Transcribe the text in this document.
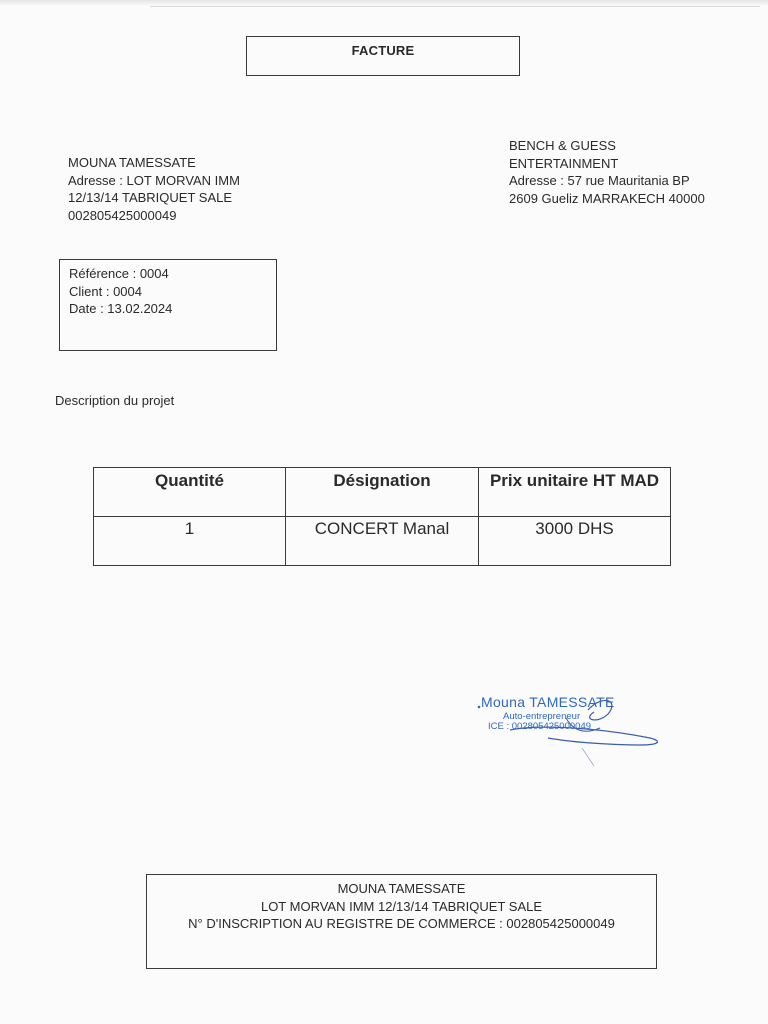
FACTURE
MOUNA TAMESSATE
Adresse : LOT MORVAN IMM
12/13/14 TABRIQUET SALE
002805425000049
BENCH & GUESS
ENTERTAINMENT
Adresse : 57 rue Mauritania BP
2609 Gueliz MARRAKECH 40000
Référence : 0004
Client : 0004
Date : 13.02.2024
Description du projet
Quantité	Désignation	Prix unitaire HT MAD
1	CONCERT Manal	3000 DHS
Mouna TAMESSATE
Auto-entrepreneur
ICE : 002805425000049
MOUNA TAMESSATE
LOT MORVAN IMM 12/13/14 TABRIQUET SALE
N° D'INSCRIPTION AU REGISTRE DE COMMERCE : 002805425000049
